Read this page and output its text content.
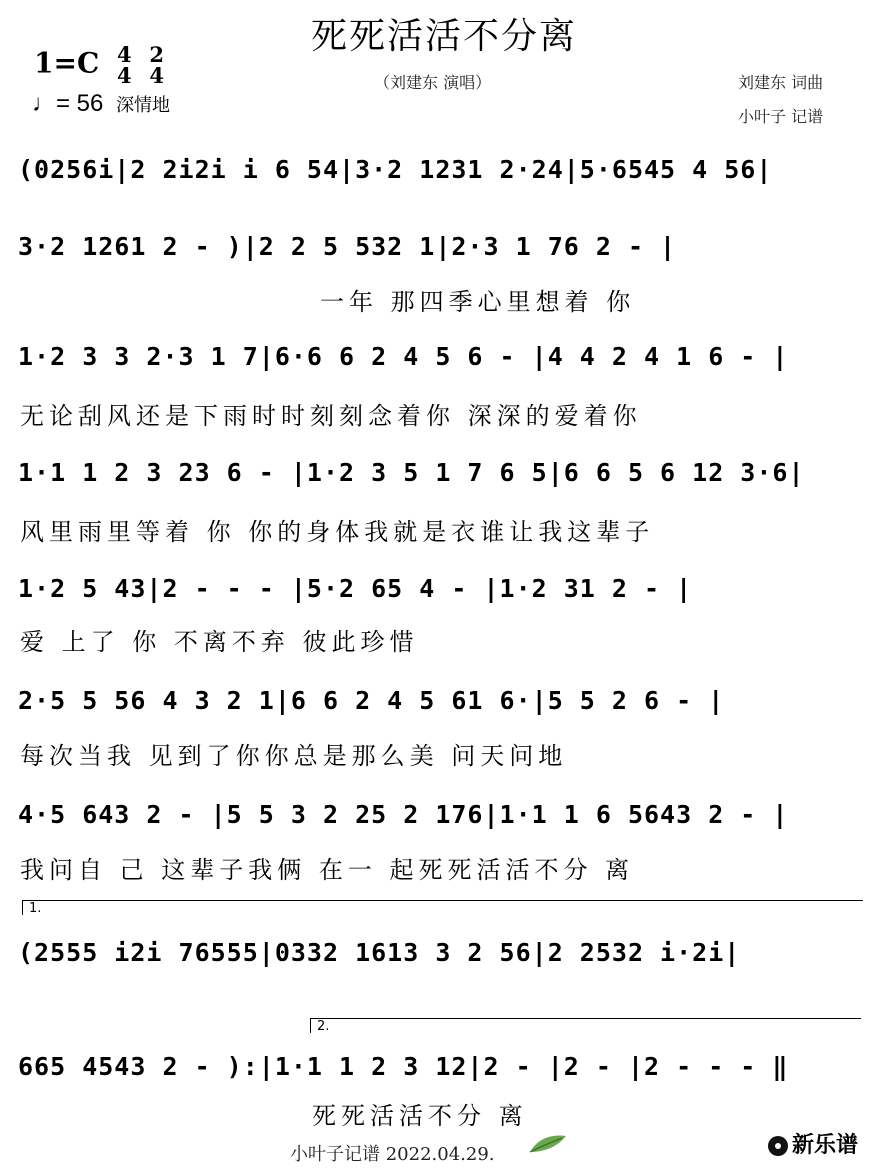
死死活活不分离
1=C 4
4 2
4
♩= 56 深情地
（刘建东 演唱）	刘建东 词曲
小叶子 记谱
(0256i|2 2i2i i 6 54|3·2 1231 2·24|5·6545 4 56|
3·2 1261 2 - )|2 2 5 532 1|2·3 1 76 2 - |
一年 那四季心里想着 你
1·2 3 3 2·3 1 7|6·6 6 2 4 5 6 - |4 4 2 4 1 6 - |
无论刮风还是下雨时时刻刻念着你 深深的爱着你
1·1 1 2 3 23 6 - |1·2 3 5 1 7 6 5|6 6 5 6 12 3·6|
风里雨里等着 你 你的身体我就是衣谁让我这辈子
1·2 5 43|2 - - - |5·2 65 4 - |1·2 31 2 - |
爱 上了 你 不离不弃 彼此珍惜
2·5 5 56 4 3 2 1|6 6 2 4 5 61 6·|5 5 2 6 - |
每次当我 见到了你你总是那么美 问天问地
4·5 643 2 - |5 5 3 2 25 2 176|1·1 1 6 5643 2 - |
我问自 己 这辈子我俩 在一 起死死活活不分 离
1.
(2555 i2i 76555|0332 1613 3 2 56|2 2532 i·2i|
2.
665 4543 2 - ):|1·1 1 2 3 12|2 - |2 - |2 - - - ‖
死死活活不分 离
小叶子记谱 2022.04.29.	新乐谱
